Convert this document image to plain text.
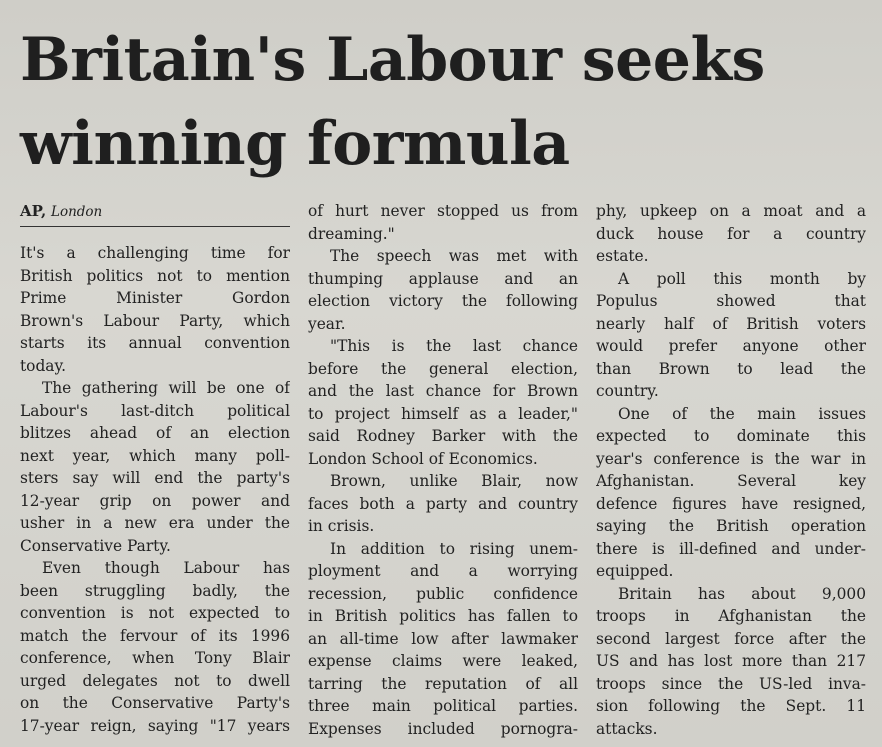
Britain's Labour seeks
winning formula
AP, London
It's a challenging time for
British politics not to mention
Prime Minister Gordon
Brown's Labour Party, which
starts its annual convention
today.
The gathering will be one of
Labour's last-ditch political
blitzes ahead of an election
next year, which many poll-
sters say will end the party's
12-year grip on power and
usher in a new era under the
Conservative Party.
Even though Labour has
been struggling badly, the
convention is not expected to
match the fervour of its 1996
conference, when Tony Blair
urged delegates not to dwell
on the Conservative Party's
17-year reign, saying "17 years
of hurt never stopped us from
dreaming."
The speech was met with
thumping applause and an
election victory the following
year.
"This is the last chance
before the general election,
and the last chance for Brown
to project himself as a leader,"
said Rodney Barker with the
London School of Economics.
Brown, unlike Blair, now
faces both a party and country
in crisis.
In addition to rising unem-
ployment and a worrying
recession, public confidence
in British politics has fallen to
an all-time low after lawmaker
expense claims were leaked,
tarring the reputation of all
three main political parties.
Expenses included pornogra-
phy, upkeep on a moat and a
duck house for a country
estate.
A poll this month by
Populus showed that
nearly half of British voters
would prefer anyone other
than Brown to lead the
country.
One of the main issues
expected to dominate this
year's conference is the war in
Afghanistan. Several key
defence figures have resigned,
saying the British operation
there is ill-defined and under-
equipped.
Britain has about 9,000
troops in Afghanistan the
second largest force after the
US and has lost more than 217
troops since the US-led inva-
sion following the Sept. 11
attacks.
